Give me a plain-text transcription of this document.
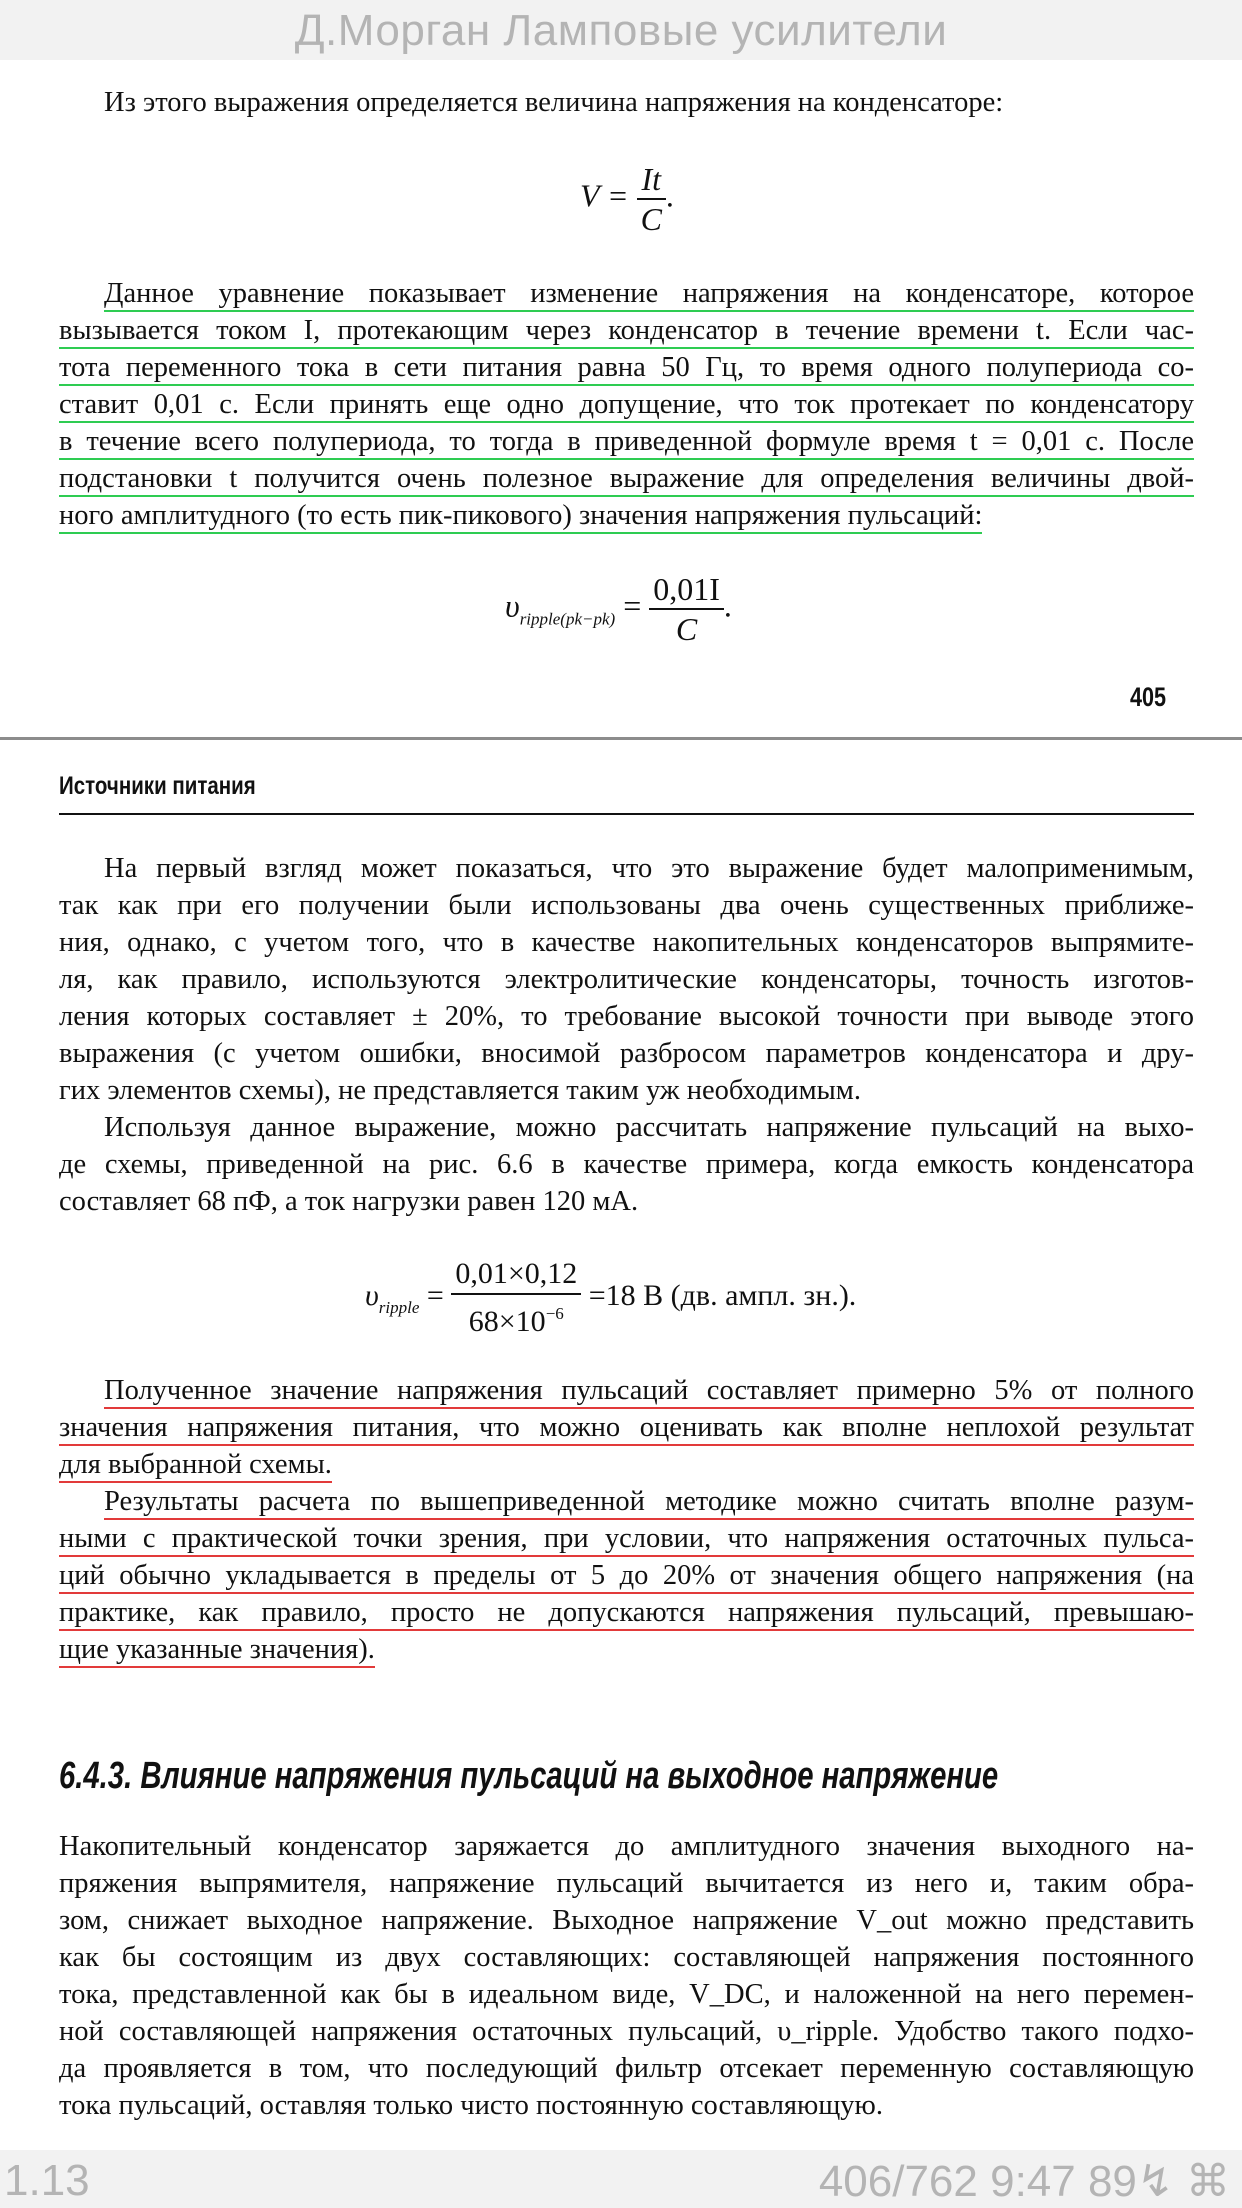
Д.Морган Ламповые усилители
Из этого выражения определяется величина напряжения на конденсаторе:
$V = \frac{It}{C}$ .
Данное уравнение показывает изменение напряжения на конденсаторе, которое
вызывается током I, протекающим через конденсатор в течение времени t. Если час-
тота переменного тока в сети питания равна 50 Гц, то время одного полупериода со-
ставит 0,01 с. Если принять еще одно допущение, что ток протекает по конденсатору
в течение всего полупериода, то тогда в приведенной формуле время t = 0,01 с. После
подстановки t получится очень полезное выражение для определения величины двой-
ного амплитудного (то есть пик-пикового) значения напряжения пульсаций:
$\upsilon_{ripple(pk-pk)} = \frac{0,01I}{C}$ .
405
Источники питания
На первый взгляд может показаться, что это выражение будет малоприменимым,
так как при его получении были использованы два очень существенных приближе-
ния, однако, с учетом того, что в качестве накопительных конденсаторов выпрямите-
ля, как правило, используются электролитические конденсаторы, точность изготов-
ления которых составляет ± 20%, то требование высокой точности при выводе этого
выражения (с учетом ошибки, вносимой разбросом параметров конденсатора и дру-
гих элементов схемы), не представляется таким уж необходимым.
Используя данное выражение, можно рассчитать напряжение пульсаций на выхо-
де схемы, приведенной на рис. 6.6 в качестве примера, когда емкость конденсатора
составляет 68 пФ, а ток нагрузки равен 120 мА.
$\upsilon_{ripple} = \frac{0,01\times 0,12}{68\times 10^{-6}} =18$ В (дв. ампл. зн.).
Полученное значение напряжения пульсаций составляет примерно 5% от полного
значения напряжения питания, что можно оценивать как вполне неплохой результат
для выбранной схемы.
Результаты расчета по вышеприведенной методике можно считать вполне разум-
ными с практической точки зрения, при условии, что напряжения остаточных пульса-
ций обычно укладывается в пределы от 5 до 20% от значения общего напряжения (на
практике, как правило, просто не допускаются напряжения пульсаций, превышаю-
щие указанные значения).
6.4.3. Влияние напряжения пульсаций на выходное напряжение
Накопительный конденсатор заряжается до амплитудного значения выходного на-
пряжения выпрямителя, напряжение пульсаций вычитается из него и, таким обра-
зом, снижает выходное напряжение. Выходное напряжение V_out можно представить
как бы состоящим из двух составляющих: составляющей напряжения постоянного
тока, представленной как бы в идеальном виде, V_DC, и наложенной на него перемен-
ной составляющей напряжения остаточных пульсаций, υ_ripple. Удобство такого подхо-
да проявляется в том, что последующий фильтр отсекает переменную составляющую
тока пульсаций, оставляя только чисто постоянную составляющую.
1.13	406/762 9:47 89↯ ⌘
